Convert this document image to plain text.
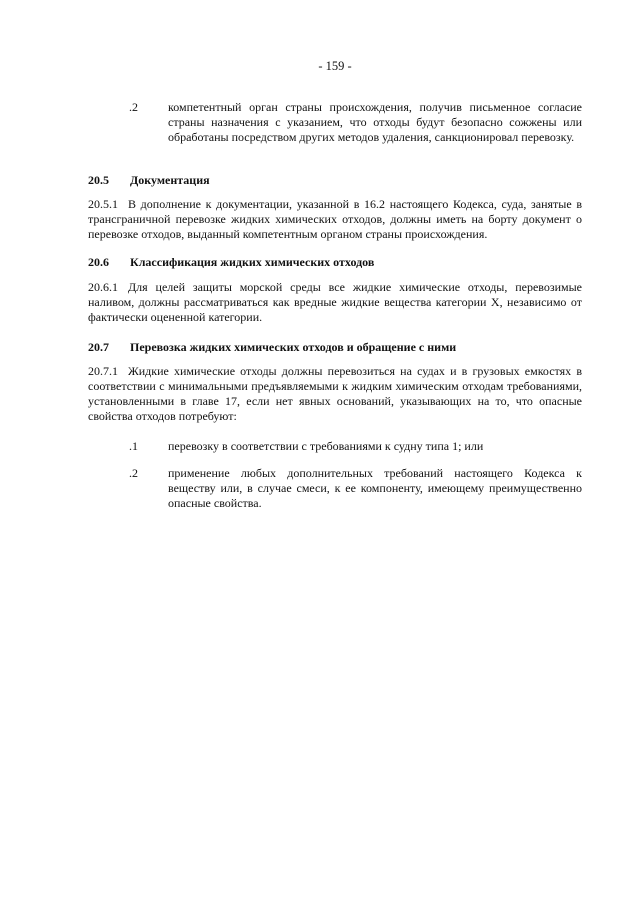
- 159 -
.2	компетентный орган страны происхождения, получив письменное согласие страны назначения с указанием, что отходы будут безопасно сожжены или обработаны посредством других методов удаления, санкционировал перевозку.
20.5 Документация
20.5.1 В дополнение к документации, указанной в 16.2 настоящего Кодекса, суда, занятые в трансграничной перевозке жидких химических отходов, должны иметь на борту документ о перевозке отходов, выданный компетентным органом страны происхождения.
20.6 Классификация жидких химических отходов
20.6.1 Для целей защиты морской среды все жидкие химические отходы, перевозимые наливом, должны рассматриваться как вредные жидкие вещества категории X, независимо от фактически оцененной категории.
20.7 Перевозка жидких химических отходов и обращение с ними
20.7.1 Жидкие химические отходы должны перевозиться на судах и в грузовых емкостях в соответствии с минимальными предъявляемыми к жидким химическим отходам требованиями, установленными в главе 17, если нет явных оснований, указывающих на то, что опасные свойства отходов потребуют:
.1	перевозку в соответствии с требованиями к судну типа 1; или
.2	применение любых дополнительных требований настоящего Кодекса к веществу или, в случае смеси, к ее компоненту, имеющему преимущественно опасные свойства.
